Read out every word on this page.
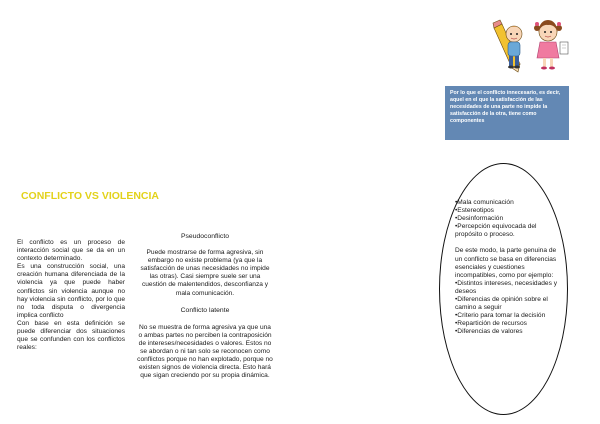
Por lo que el conflicto innecesario, es decir, aquel en el que la satisfacción de las necesidades de una parte no impide la satisfacción de la otra, tiene como componentes
CONFLICTO VS VIOLENCIA

El conflicto es un proceso de interacción social que se da en un contexto determinado.

Es una construcción social, una creación humana diferenciada de la violencia ya que puede haber conflictos sin violencia aunque no hay violencia sin conflicto, por lo que no toda disputa o divergencia implica conflicto

Con base en esta definición se puede diferenciar dos situaciones que se confunden con los conflictos reales:

Pseudoconflicto

Puede mostrarse de forma agresiva, sin embargo no existe problema (ya que la satisfacción de unas necesidades no impide las otras). Casi siempre suele ser una cuestión de malentendidos, desconfianza y mala comunicación.

Conflicto latente

No se muestra de forma agresiva ya que una o ambas partes no perciben la contraposición de intereses/necesidades o valores. Estos no se abordan o ni tan solo se reconocen como conflictos porque no han explotado, porque no existen signos de violencia directa. Esto hará que sigan creciendo por su propia dinámica.

•Mala comunicación
•Estereotipos
•Desinformación
•Percepción equivocada del propósito o proceso.

De este modo, la parte genuina de un conflicto se basa en diferencias esenciales y cuestiones incompatibles, como por ejemplo:

•Distintos intereses, necesidades y deseos
•Diferencias de opinión sobre el camino a seguir
•Criterio para tomar la decisión
•Repartición de recursos
•Diferencias de valores
